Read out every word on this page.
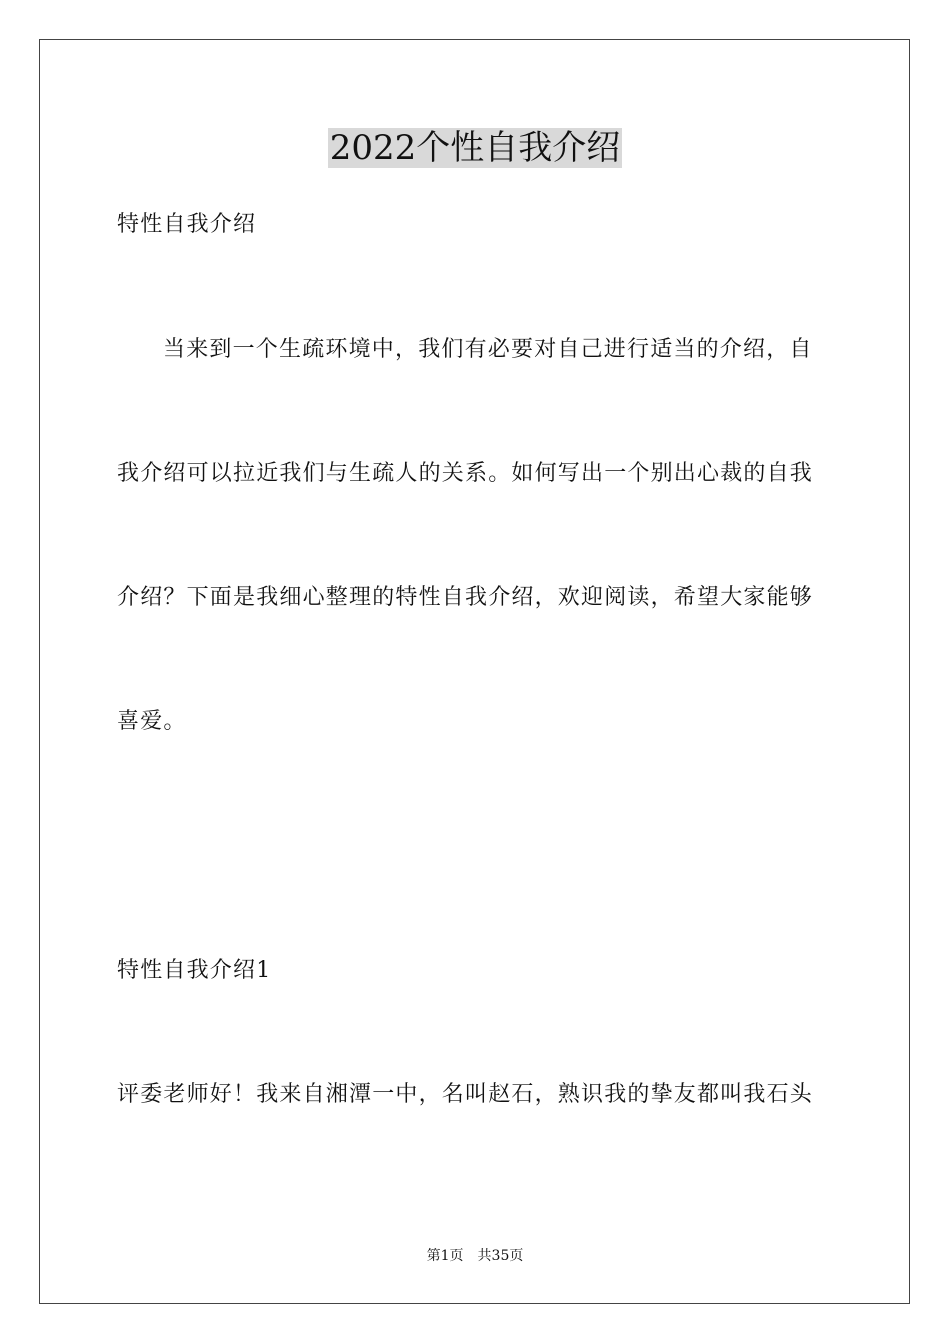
2022个性自我介绍
特性自我介绍
当来到一个生疏环境中，我们有必要对自己进行适当的介绍，自
我介绍可以拉近我们与生疏人的关系。如何写出一个别出心裁的自我
介绍？下面是我细心整理的特性自我介绍，欢迎阅读，希望大家能够
喜爱。
特性自我介绍1
评委老师好！我来自湘潭一中，名叫赵石，熟识我的挚友都叫我石头
第1页 共35页
